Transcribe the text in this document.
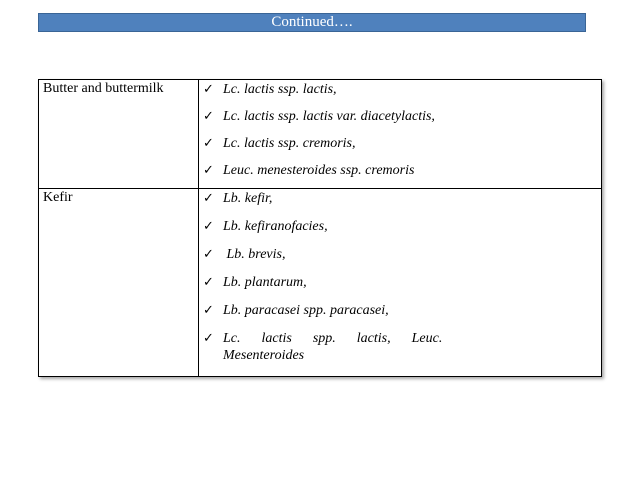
Continued….
Butter and buttermilk	✓ Lc. lactis ssp. lactis,
✓ Lc. lactis ssp. lactis var. diacetylactis,
✓ Lc. lactis ssp. cremoris,
✓ Leuc. menesteroides ssp. cremoris
Kefir	✓ Lb. kefir,
✓ Lb. kefiranofacies,
✓ Lb. brevis,
✓ Lb. plantarum,
✓ Lb. paracasei spp. paracasei,
✓ Lc.      lactis      spp.      lactis,      Leuc.
Mesenteroides
